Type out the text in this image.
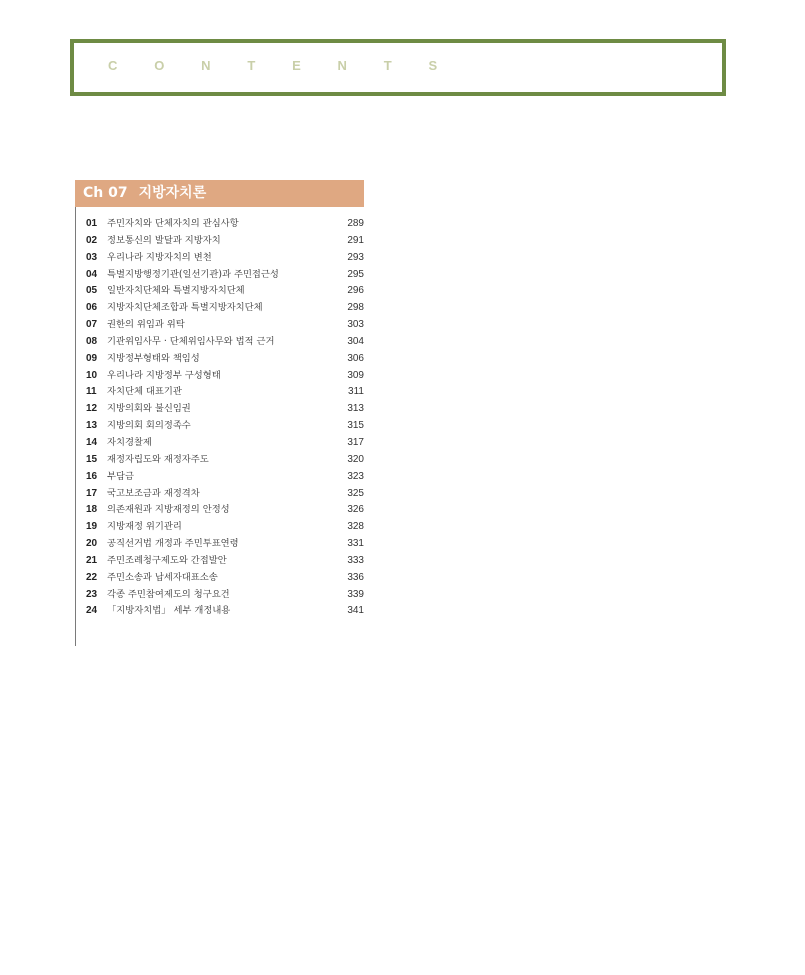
C O N T E N T S
Ch 07 지방자치론
01 주민자치와 단체자치의 관심사항	289
02 정보통신의 발달과 지방자치	291
03 우리나라 지방자치의 변천	293
04 특별지방행정기관(일선기관)과 주민접근성	295
05 일반자치단체와 특별지방자치단체	296
06 지방자치단체조합과 특별지방자치단체	298
07 권한의 위임과 위탁	303
08 기관위임사무 · 단체위임사무와 법적 근거	304
09 지방정부형태와 책임성	306
10 우리나라 지방정부 구성형태	309
11 자치단체 대표기관	311
12 지방의회와 불신임권	313
13 지방의회 회의정족수	315
14 자치경찰제	317
15 재정자립도와 재정자주도	320
16 부담금	323
17 국고보조금과 재정격차	325
18 의존재원과 지방재정의 안정성	326
19 지방재정 위기관리	328
20 공직선거법 개정과 주민투표연령	331
21 주민조례청구제도와 간접발안	333
22 주민소송과 납세자대표소송	336
23 각종 주민참여제도의 청구요건	339
24 「지방자치법」 세부 개정내용	341
